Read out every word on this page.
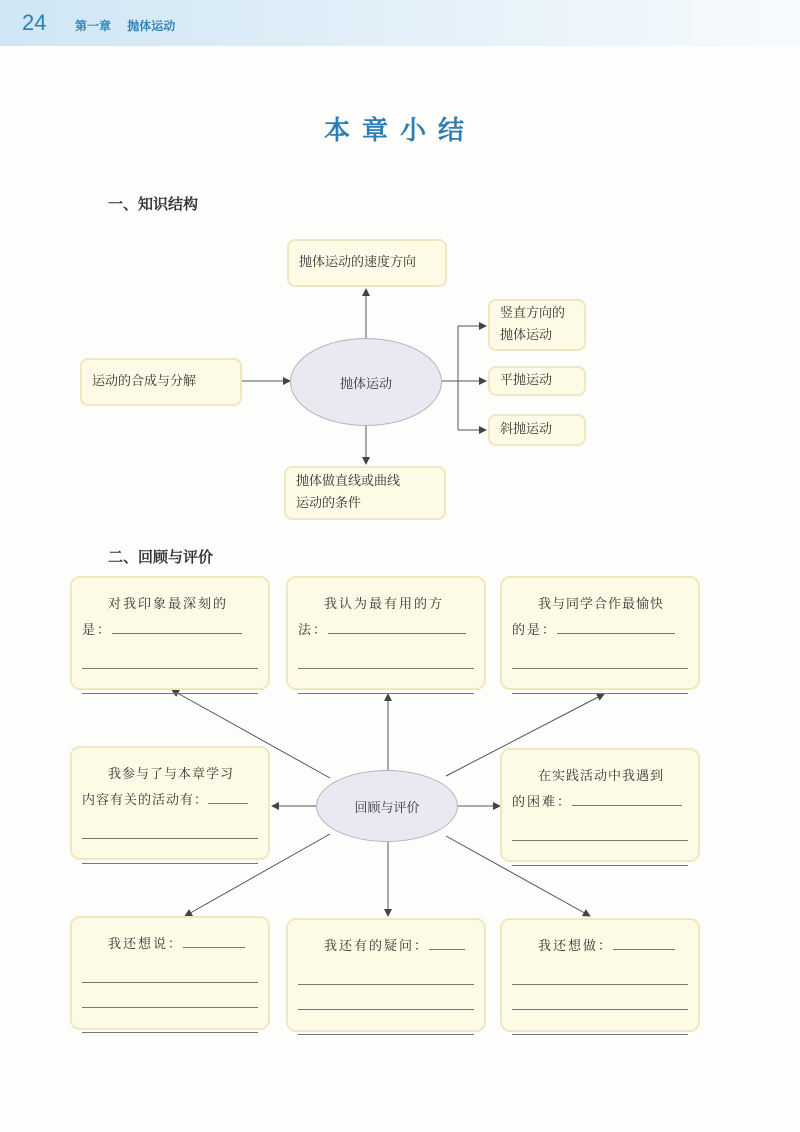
24 第一章 抛体运动
本章小结
一、知识结构
抛体运动的速度方向
运动的合成与分解	抛体运动
抛体做直线或曲线
运动的条件
竖直方向的
抛体运动
平抛运动
斜抛运动
二、回顾与评价
对我印象最深刻的
是：
我认为最有用的方
法：
我与同学合作最愉快
的是：
我参与了与本章学习
内容有关的活动有：	回顾与评价
在实践活动中我遇到
的困难：
我还想说：	我还有的疑问：	我还想做：
